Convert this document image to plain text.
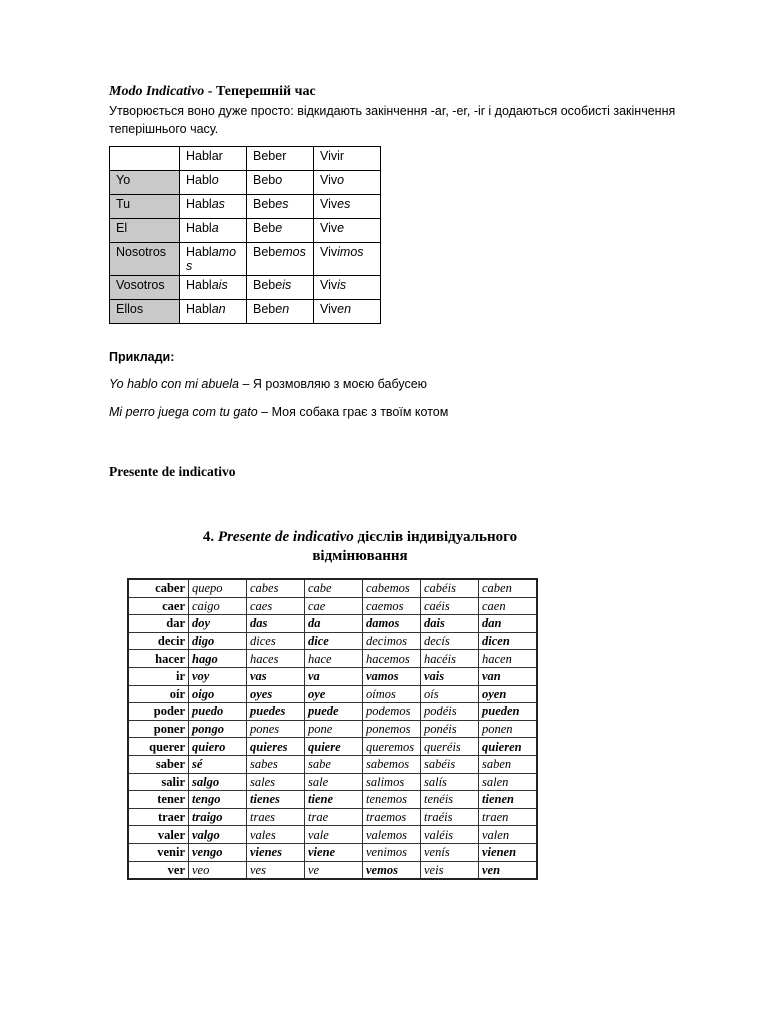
Modo Indicativo - Теперешній час
Утворюється воно дуже просто: відкидають закінчення -ar, -er, -ir і додаються особисті закінчення теперішнього часу.
	Hablar	Beber	Vivir
Yo	Hablo	Bebo	Vivo
Tu	Hablas	Bebes	Vives
El	Habla	Bebe	Vive
Nosotros	Hablamos	Bebemos	Vivimos
Vosotros	Hablais	Bebeis	Vivis
Ellos	Hablan	Beben	Viven
Приклади:
Yo hablo con mi abuela – Я розмовляю з моєю бабусею
Mi perro juega com tu gato – Моя собака грає з твоїм котом
Presente de indicativo
4. Presente de indicativo дієслів індивідуального відмінювання
caber	quepo	cabes	cabe	cabemos	cabéis	caben
caer	caigo	caes	cae	caemos	caéis	caen
dar	doy	das	da	damos	dais	dan
decir	digo	dices	dice	decimos	decís	dicen
hacer	hago	haces	hace	hacemos	hacéis	hacen
ir	voy	vas	va	vamos	vais	van
oír	oigo	oyes	oye	oímos	oís	oyen
poder	puedo	puedes	puede	podemos	podéis	pueden
poner	pongo	pones	pone	ponemos	ponéis	ponen
querer	quiero	quieres	quiere	queremos	queréis	quieren
saber	sé	sabes	sabe	sabemos	sabéis	saben
salir	salgo	sales	sale	salimos	salís	salen
tener	tengo	tienes	tiene	tenemos	tenéis	tienen
traer	traigo	traes	trae	traemos	traéis	traen
valer	valgo	vales	vale	valemos	valéis	valen
venir	vengo	vienes	viene	venimos	venís	vienen
ver	veo	ves	ve	vemos	veis	ven
